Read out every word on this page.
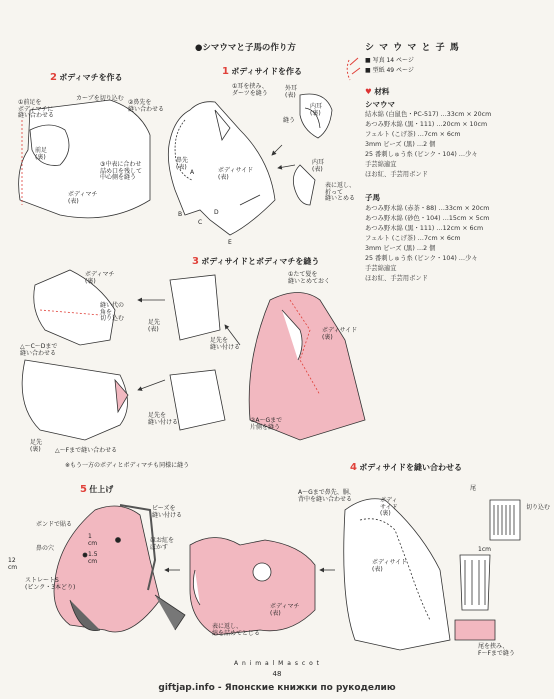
●シマウマと子馬の作り方	シ マ ウ マ と 子 馬
■ 写真 14 ページ
■ 型紙 49 ページ
♥ 材料
シマウマ
結木綿 (白鼠色・PC-517) …33cm × 20cm
あつみ野木綿 (黒・111) …20cm × 10cm
フェルト (こげ茶) …7cm × 6cm
3mm ビーズ (黒) …2 個
25 番刺しゅう糸 (ピンク・104) …少々
手芸綿適宜
ほお紅、手芸用ボンド
子馬
あつみ野木綿 (赤茶・88) …33cm × 20cm
あつみ野木綿 (砂色・104) …15cm × 5cm
あつみ野木綿 (黒・111) …12cm × 6cm
フェルト (こげ茶) …7cm × 6cm
3mm ビーズ (黒) …2 個
25 番刺しゅう糸 (ピンク・104) …少々
手芸綿適宜
ほお紅、手芸用ボンド
1 ボディサイドを作る
2 ボディマチを作る
3 ボディサイドとボディマチを縫う
4 ボディサイドを縫い合わせる
5 仕上げ
①耳を挟み、
ダーツを縫う
外耳
(表)
内耳
(裏)
縫う
内耳
(表)
表に返し、
折って
縫いとめる
鼻先
(表)	ボディサイド
(表)
A
B
C
D
E
①前足を
ボディマチに
縫い合わせる
カーブを切り込む
②鼻先を
縫い合わせる
③中表に合わせ
詰め口を残して
中心側を縫う
前足
(裏)
ボディマチ
(表)
ボディマチ
(裏)
縫い代の
角を
切り込む
△〜C〜Dまで
縫い合わせる
足先
(表)
足先を
縫い付ける
足先を
縫い付ける
①たて髪を
縫いとめておく
ボディサイド
(裏)
②A〜Gまで
片側を縫う
足先
(裏) △〜Fまで縫い合わせる
※もう一方のボディとボディマチも同様に縫う
A〜Gまで鼻先、胴、
背中を縫い合わせる	ボディ
サイド
(裏)
ボディサイド
(表)
尾
切り込む
1cm
尾を挟み、
F〜Fまで縫う
ボンドで貼る
鼻の穴
ビーズを
縫い付ける
ほお紅を
ぼかす
ストレートS
(ピンク・3本どり)
12
cm
1
cm
1.5
cm
ボディマチ
(表)
表に返し、
綿を詰めてとじる
A n i m a l M a s c o t
48
giftjap.info - Японские книжки по рукоделию
